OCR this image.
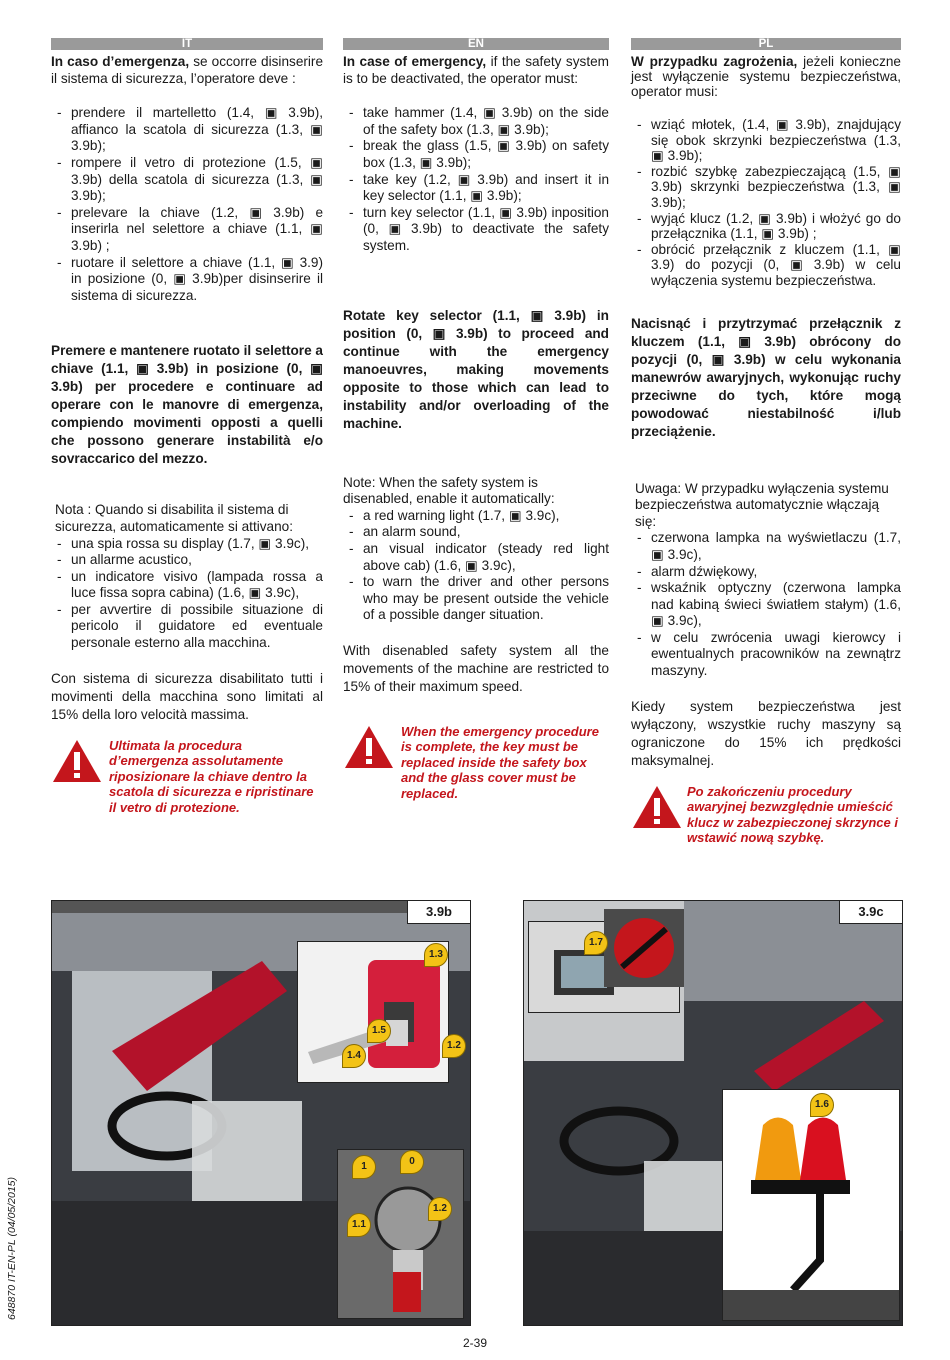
IT

In caso d’emergenza, se occorre disinserire il sistema di sicurezza, l’operatore deve :

- prendere il martelletto (1.4, ▣ 3.9b), affianco la scatola di sicurezza (1.3, ▣ 3.9b);
- rompere il vetro di protezione (1.5, ▣ 3.9b) della scatola di sicurezza (1.3, ▣ 3.9b);
- prelevare la chiave (1.2, ▣ 3.9b) e inserirla nel selettore a chiave (1.1, ▣ 3.9b) ;
- ruotare il selettore a chiave (1.1, ▣ 3.9) in posizione (0, ▣ 3.9b)per disinserire il sistema di sicurezza.

Premere e mantenere ruotato il selettore a chiave (1.1, ▣ 3.9b) in posizione (0, ▣ 3.9b) per procedere e continuare ad operare con le manovre di emergenza, compiendo movimenti opposti a quelli che possono generare instabilità e/o sovraccarico del mezzo.

Nota : Quando si disabilita il sistema di sicurezza, automaticamente si attivano:

- una spia rossa su display (1.7, ▣ 3.9c),
- un allarme acustico,
- un indicatore visivo (lampada rossa a luce fissa sopra cabina) (1.6, ▣ 3.9c),
- per avvertire di possibile situazione di pericolo il guidatore ed eventuale personale esterno alla macchina.

Con sistema di sicurezza disabilitato tutti i movimenti della macchina sono limitati al 15% della loro velocità massima.

Ultimata la procedura d’emergenza assolutamente riposizionare la chiave dentro la scatola di sicurezza e ripristinare il vetro di protezione.
EN

In case of emergency, if the safety system is to be deactivated, the operator must:

- take hammer (1.4, ▣ 3.9b) on the side of the safety box (1.3, ▣ 3.9b);
- break the glass (1.5, ▣ 3.9b) on safety box (1.3, ▣ 3.9b);
- take key (1.2, ▣ 3.9b) and insert it in key selector (1.1, ▣ 3.9b);
- turn key selector (1.1, ▣ 3.9b) inposition (0, ▣ 3.9b) to deactivate the safety system.

Rotate key selector (1.1, ▣ 3.9b) in position (0, ▣ 3.9b) to proceed and continue with the emergency manoeuvres, making movements opposite to those which can lead to instability and/or overloading of the machine.

Note: When the safety system is disenabled, enable it automatically:

- a red warning light (1.7, ▣ 3.9c),
- an alarm sound,
- an visual indicator (steady red light above cab) (1.6, ▣ 3.9c),
- to warn the driver and other persons who may be present outside the vehicle of a possible danger situation.

With disenabled safety system all the movements of the machine are restricted to 15% of their maximum speed.

When the emergency procedure is complete, the key must be replaced inside the safety box and the glass cover must be replaced.
PL

W przypadku zagrożenia, jeżeli konieczne jest wyłączenie systemu bezpieczeństwa, operator musi:

- wziąć młotek, (1.4, ▣ 3.9b), znajdujący się obok skrzynki bezpieczeństwa (1.3, ▣ 3.9b);
- rozbić szybkę zabezpieczającą (1.5, ▣ 3.9b) skrzynki bezpieczeństwa (1.3, ▣ 3.9b);
- wyjąć klucz (1.2, ▣ 3.9b) i włożyć go do przełącznika (1.1, ▣ 3.9b) ;
- obrócić przełącznik z kluczem (1.1, ▣ 3.9) do pozycji (0, ▣ 3.9b) w celu wyłączenia systemu bezpieczeństwa.

Nacisnąć i przytrzymać przełącznik z kluczem (1.1, ▣ 3.9b) obrócony do pozycji (0, ▣ 3.9b) w celu wykonania manewrów awaryjnych, wykonując ruchy przeciwne do tych, które mogą powodować niestabilność i/lub przeciążenie.

Uwaga: W przypadku wyłączenia systemu bezpieczeństwa automatycznie włączają się:

- czerwona lampka na wyświetlaczu (1.7, ▣ 3.9c),
- alarm dźwiękowy,
- wskaźnik optyczny (czerwona lampka nad kabiną świeci światłem stałym) (1.6, ▣ 3.9c),
- w celu zwrócenia uwagi kierowcy i ewentualnych pracowników na zewnątrz maszyny.

Kiedy system bezpieczeństwa jest wyłączony, wszystkie ruchy maszyny są ograniczone do 15% ich prędkości maksymalnej.

Po zakończeniu procedury awaryjnej bezwzględnie umieścić klucz w zabezpieczonej skrzynce i wstawić nową szybkę.
1.3
1.5
1.2
1.4
1	0
1.2
1.1
3.9b
1.7
1.6
3.9c
648870 IT-EN-PL (04/05/2015)
2-39
